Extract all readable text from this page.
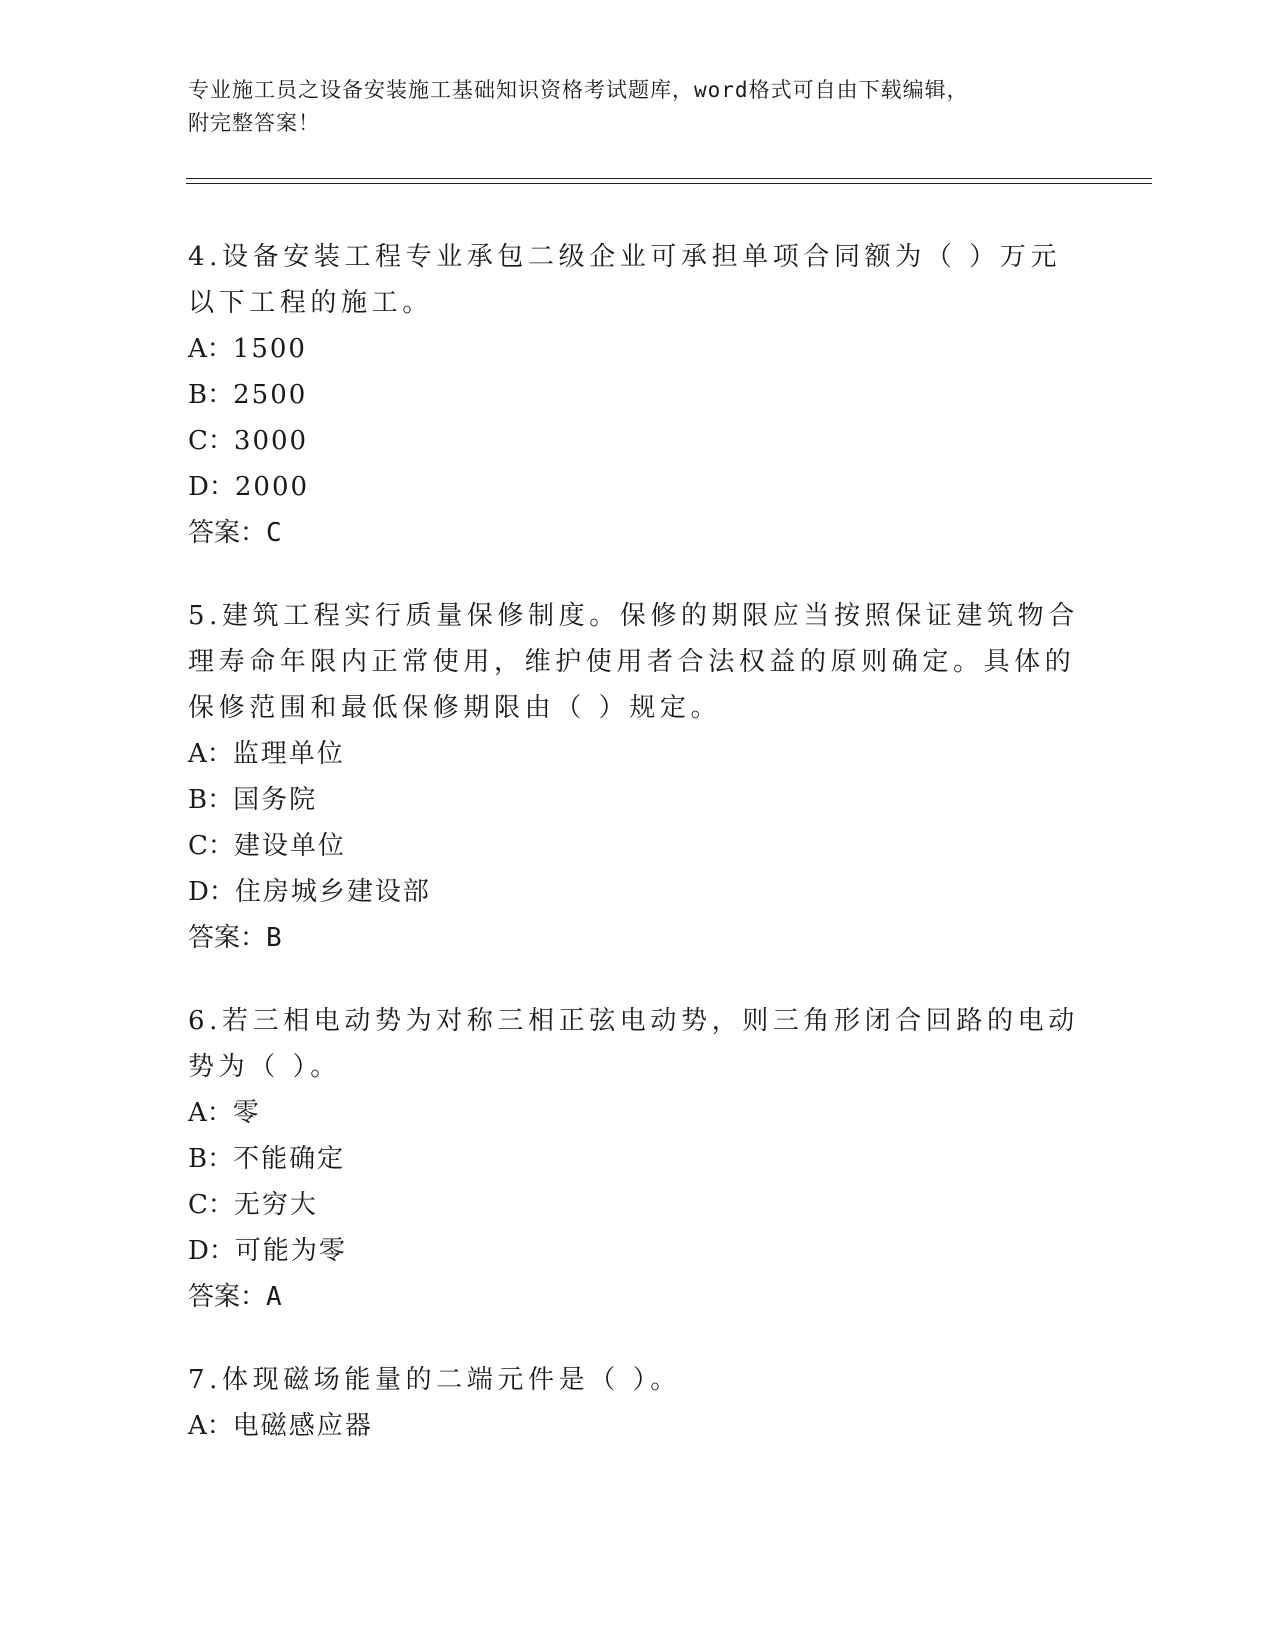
专业施工员之设备安装施工基础知识资格考试题库，word格式可自由下载编辑，
附完整答案！

4.设备安装工程专业承包二级企业可承担单项合同额为（ ）万元以下工程的施工。

A：1500

B：2500

C：3000

D：2000

答案：C

5.建筑工程实行质量保修制度。保修的期限应当按照保证建筑物合理寿命年限内正常使用，维护使用者合法权益的原则确定。具体的保修范围和最低保修期限由（ ）规定。

A：监理单位

B：国务院

C：建设单位

D：住房城乡建设部

答案：B

6.若三相电动势为对称三相正弦电动势，则三角形闭合回路的电动势为（ ）。

A：零

B：不能确定

C：无穷大

D：可能为零

答案：A

7.体现磁场能量的二端元件是（ ）。

A：电磁感应器
